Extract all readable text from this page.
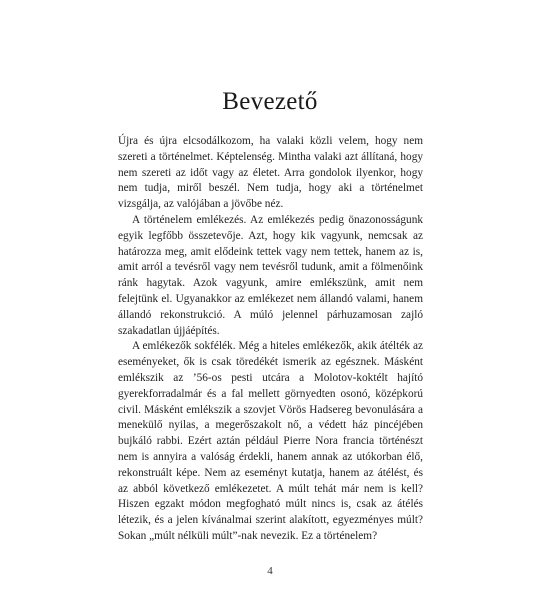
Bevezető

Újra és újra elcsodálkozom, ha valaki közli velem, hogy nem szereti a történelmet. Képtelenség. Mintha valaki azt állítaná, hogy nem szereti az időt vagy az életet. Arra gondolok ilyenkor, hogy nem tudja, miről beszél. Nem tudja, hogy aki a történelmet vizsgálja, az valójában a jövőbe néz.

A történelem emlékezés. Az emlékezés pedig önazonosságunk egyik legfőbb összetevője. Azt, hogy kik vagyunk, nemcsak az határozza meg, amit elődeink tettek vagy nem tettek, hanem az is, amit arról a tevésről vagy nem tevésről tudunk, amit a fölmenőink ránk hagytak. Azok vagyunk, amire emlékszünk, amit nem felejtünk el. Ugyanakkor az emlékezet nem állandó valami, hanem állandó rekonstrukció. A múló jelennel párhuzamosan zajló szakadatlan újjáépítés.

A emlékezők sokfélék. Még a hiteles emlékezők, akik átélték az eseményeket, ők is csak töredékét ismerik az egésznek. Másként emlékszik az ’56-os pesti utcára a Molotov-koktélt hajító gyerekforradalmár és a fal mellett görnyedten osonó, középkorú civil. Másként emlékszik a szovjet Vörös Hadsereg bevonulására a menekülő nyilas, a megerőszakolt nő, a védett ház pincéjében bujkáló rabbi. Ezért aztán például Pierre Nora francia történészt nem is annyira a valóság érdekli, hanem annak az utókorban élő, rekonstruált képe. Nem az eseményt kutatja, hanem az átélést, és az abból következő emlékezetet. A múlt tehát már nem is kell? Hiszen egzakt módon megfogható múlt nincs is, csak az átélés létezik, és a jelen kívánalmai szerint alakított, egyezményes múlt? Sokan „múlt nélküli múlt”-nak nevezik. Ez a történelem?

4
